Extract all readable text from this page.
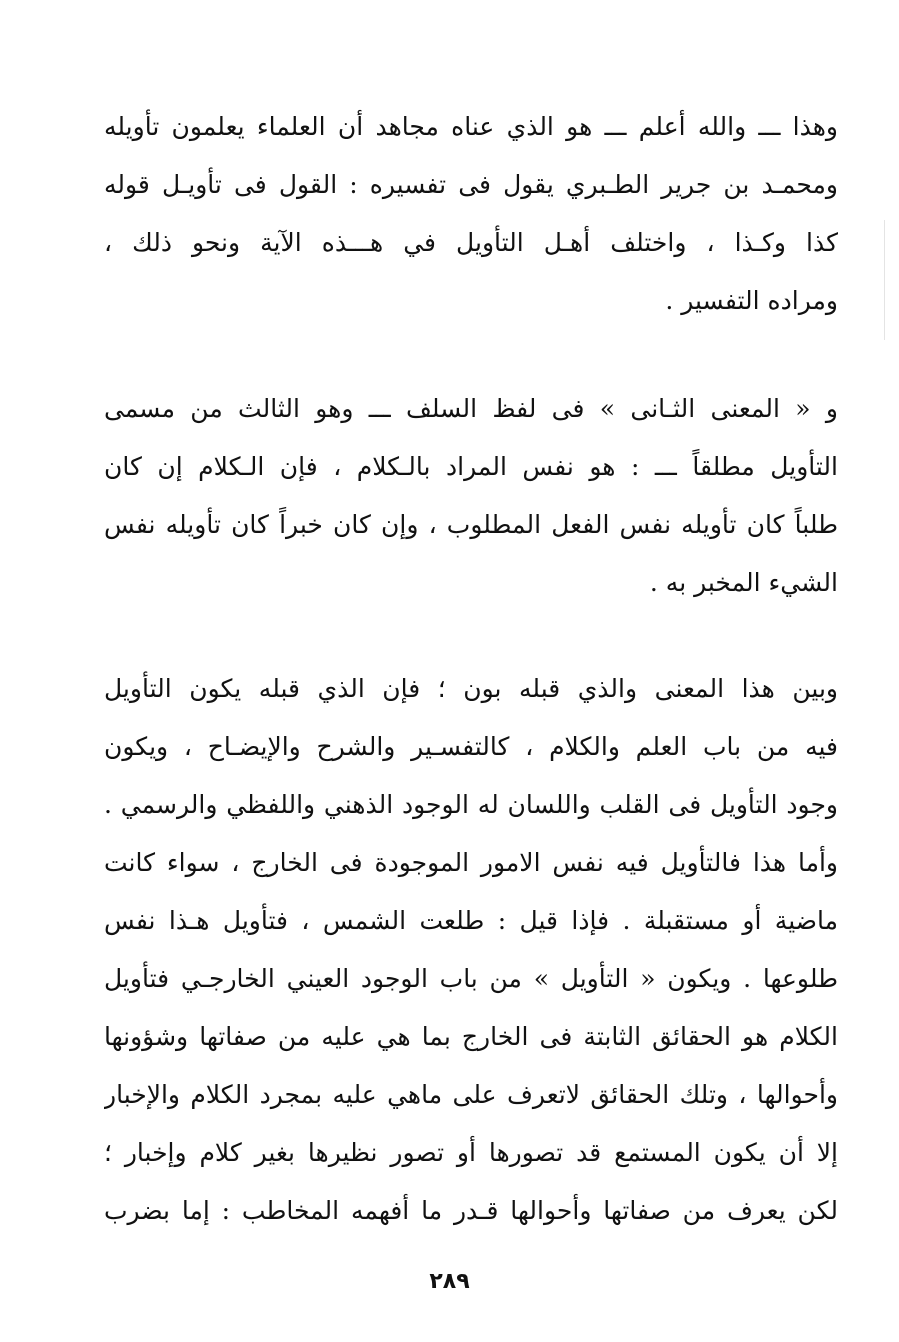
وهذا ـــ والله أعلم ـــ هو الذي عناه مجاهد أن العلماء يعلمون تأويله
ومحمـد بن جرير الطـبري يقول فى تفسيره : القول فى تأويـل قوله
كذا وكـذا ، واختلف أهـل التأويل في هـــذه الآية ونحو ذلك ،
ومراده التفسير .
و « المعنى الثـانى » فى لفظ السلف ـــ وهو الثالث من مسمى
التأويل مطلقاً ـــ : هو نفس المراد بالـكلام ، فإن الـكلام إن كان
طلباً كان تأويله نفس الفعل المطلوب ، وإن كان خبراً كان تأويله نفس
الشيء المخبر به .
وبين هذا المعنى والذي قبله بون ؛ فإن الذي قبله يكون التأويل
فيه من باب العلم والكلام ، كالتفسـير والشرح والإيضـاح ، ويكون
وجود التأويل فى القلب واللسان له الوجود الذهني واللفظي والرسمي .
وأما هذا فالتأويل فيه نفس الامور الموجودة فى الخارج ، سواء كانت
ماضية أو مستقبلة . فإذا قيل : طلعت الشمس ، فتأويل هـذا نفس
طلوعها . ويكون « التأويل » من باب الوجود العيني الخارجـي فتأويل
الكلام هو الحقائق الثابتة فى الخارج بما هي عليه من صفاتها وشؤونها
وأحوالها ، وتلك الحقائق لاتعرف على ماهي عليه بمجرد الكلام والإخبار
إلا أن يكون المستمع قد تصورها أو تصور نظيرها بغير كلام وإخبار ؛
لكن يعرف من صفاتها وأحوالها قـدر ما أفهمه المخاطب : إما بضرب
٢٨٩
